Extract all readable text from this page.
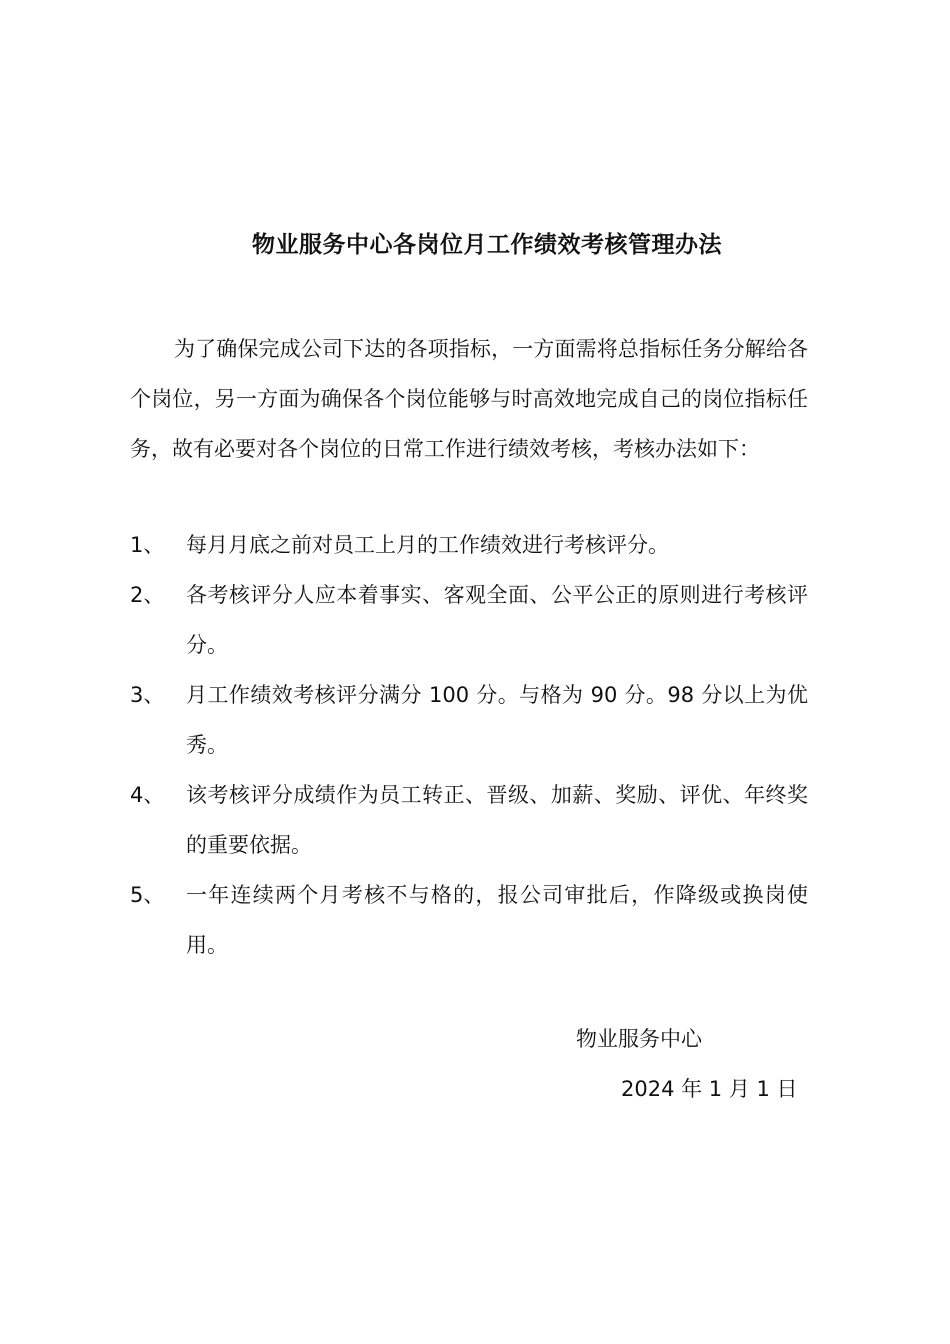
物业服务中心各岗位月工作绩效考核管理办法

为了确保完成公司下达的各项指标，一方面需将总指标任务分解给各个岗位，另一方面为确保各个岗位能够与时高效地完成自己的岗位指标任务，故有必要对各个岗位的日常工作进行绩效考核，考核办法如下：

1、	每月月底之前对员工上月的工作绩效进行考核评分。
2、	各考核评分人应本着事实、客观全面、公平公正的原则进行考核评分。
3、	月工作绩效考核评分满分 100 分。与格为 90 分。98 分以上为优秀。
4、	该考核评分成绩作为员工转正、晋级、加薪、奖励、评优、年终奖的重要依据。
5、	一年连续两个月考核不与格的，报公司审批后，作降级或换岗使用。
物业服务中心
2024 年 1 月 1 日
